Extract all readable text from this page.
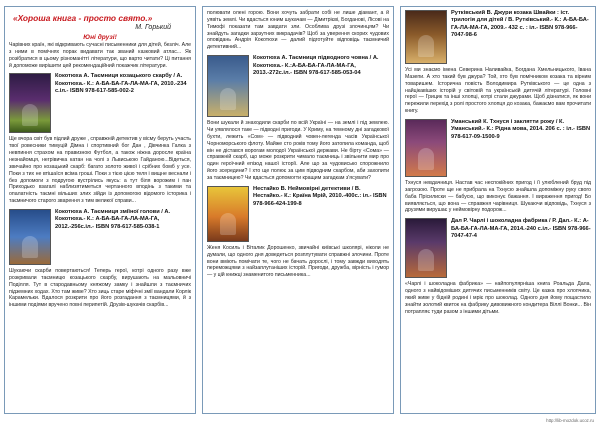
«Хороша книга - просто свято.»
М. Горький
Юні друзі!
Чарівних країн, які відкривають сучасні письменники для дітей, безліч. Але з ними в помічнях порак видавати так званий казковий атлас... Як розібратися в цьому різноманітті літератури, що варто читати? Ці питання й допоможе вирішити цей рекомендаційний покажчик літератури.
Кокотюха А. Таємниця козацького скарбу / А. Кокотюха.- К.: А-БА-БА-ГА-ЛА-МА-ГА, 2010.-234 с.іл.- ISBN 978-617-585-002-2
Ще вчора світ був підлий друже , справжній детектив у вісму беруть участь твої ровесники тимуцій Дімна і спортивний бог Дан , Дівчинка Галка з невпиння страхом на правизною Футбол, а також ніжна доросле країна незнайомця, негрівичка катан на чолі з Львиською Гайданою...Відеться, звичайно про козацький скарб: багато золото живої і срібних бомб у усе. Поки з тих не втішаїся всіма гроші. Поки з тією цією теля і вищне веснали і без допомоги з подругою вустрілись якусь: а тут біля ворожим і пан Приходько взагалі наблизятиметься чертанного вподінь з такими та опалатність таємні вільших злих зійди із допомогою відомого історика і таємничого старого зварення з тим великої справи...
Кокотюха А. Таємниця зміїної голови / А. Кокотюха.- К.: А-БА-БА-ГА-ЛА-МА-ГА, 2012.-256с.іл.- ISBN 978-617-585-038-1
Шукаючи скарби повертаються! Теперь герої, котрі одного разу вже розкривали таємницю козацького скарбу, вирушають на мальовничі Поділля. Тут в стародавньому княжому замку і знайшли з таємничих підземних ходах. Хто там живе? Хто зиць старе міфічні змії вандали Корлік Карамельки. Вдалося розкрити про його розгадання з таємницями, й з іншими подіями вручено повні перипетій. Друзів-шукачів скарбів...
полювати оленi горою. Вони хочуть забрати собі не лише діамант, а й уявіть землі. Чи вдасться юним шукачам — Дімитрієві, Богданові, Лісові на Тимофі показати там завдати зли. Особлива друзі злочинцям? Чи знайдуть загадки зарзутних викрадачів? Щоб за уверення скорих чудових оповідань Андрія Кокотюхи — далий підготуйте відповідь таємничий детективний...
Кокотюха А. Таємниця підводного човна / А. Кокотюха.- К.:А-БА-БА-ГА-ЛА-МА-ГА, 2013.-272с.іл.- ISBN 978-617-585-053-04
Вони шукали й знаходили скарби по всій Україні — на землі і під землею. Чи уявлялося таке — підводні пригоди. У Криму, на темному дні загадкової бухти, лежить «Сом» — підводний човен-легенда часів Української Чорноморського флоту. Майже сто років тому його затопила команда, щоб він не дістався ворогам молодої Української держави. Не бірту «Сома» — справжній скарб, що може розкрити чимало таємниць і звільнити мир про один героїчний епізод нашої історії. Але що за чудовисько спорожнило його зсередини? І хто ще полює за цим підводним скарбом, аби захопити за таємницею? Чи вдасться допомогти кращим загадкам з'ясувати?
Нестайко В. Неймовірні детективи / В. Нестайко.- К.: Країна Мрій, 2010.-400с.: іл.- ISBN 978-966-424-199-8
Женя Косиль і Віталик Дорошенко, звичайні київські школярі, ніколи не думали, що одного дня доведеться розплутувати справжні злочини. Проте вони вміють помічати те, чого не бачать дорослі, і тому завжди виходять переможцями з найзаплутаніших історій. Пригоди, дружба, вірність і гумор — у цій книжці знаменитого письменника...
Рутківський В. Джури козака Швайки : іст. трилогія для дітей / В. Рутківський.- К.: А-БА-БА-ГА-ЛА-МА-ГА, 2009.- 432 с. : іл.- ISBN 978-966-7047-98-6
Усі ми знаємо імена Северина Наливайка, Богдана Хмельницького, Івана Мазепи. А хто такий був джура? Той, хто був помічником козака та вірним товаришем. Історична повість Володимира Рутківського — це одна з найцікавіших історій у світовій та українській дитячій літературі. Головні герої — Грицик та інші хлопці, котрі стали джурами. Щоб дізнатися, як вони пережили перехід з ролі простого хлопця до козака, бажаємо вам прочитати книгу.
Уманський К. Тхнуся і заклятти рожу / К. Уманський.- К.: Рідна мова, 2014. 206 с. : іл.- ISBN 978-617-09-1500-9
Тхнуся невдачниця. Настав час неспокійних пригод і її улюблений бруд під загрозою. Проте ще не прибрала на Тхнусю знайшла допоміжну руку свого баба Прісилиски — бабусю, що виконує бажання. І вираження пригод! Бо виявляється, що вона — справжня чарівниця. Шукаючи відповідь, Тхнуся з друзями вирушає у неймовірну подорож...
Дал Р. Чарлі і шоколадна фабрика / Р. Дал.- К.: А-БА-БА-ГА-ЛА-МА-ГА, 2014.-240 с.іл.- ISBN 978-966-7047-47-4
«Чарлі і шоколадна фабрика» — найпопулярніша книга Роальда Дала, одного з найвідоміших дитячих письменників світу. Це казка про хлопчика, який живе у бідній родині і мріє про шоколад. Одного дня йому пощастило знайти золотий квиток на фабрику дивовижного кондитера Віллі Вонки... Він потрапляє туди разом з іншими дітьми.
http://lib-mozdok.ucoz.ru
